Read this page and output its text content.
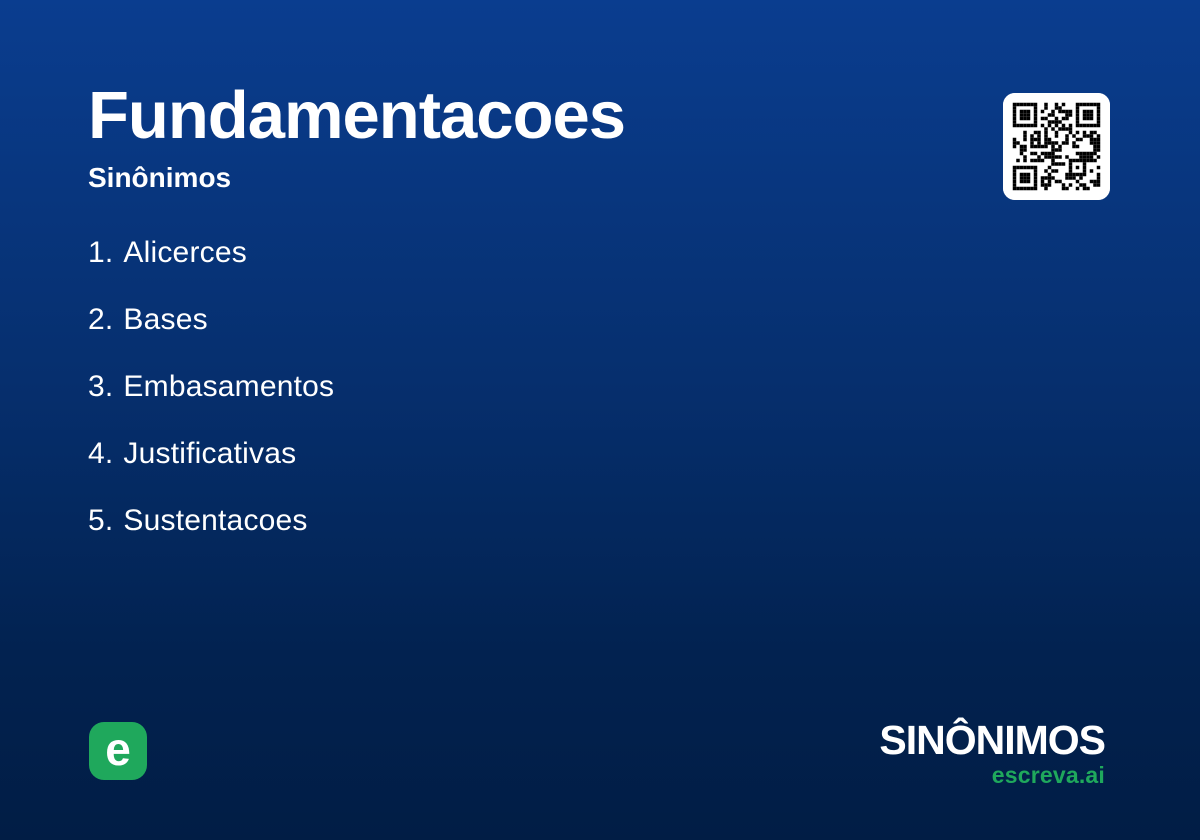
Fundamentacoes
Sinônimos
1. Alicerces
2. Bases
3. Embasamentos
4. Justificativas
5. Sustentacoes
e	SINÔNIMOS
escreva.ai
